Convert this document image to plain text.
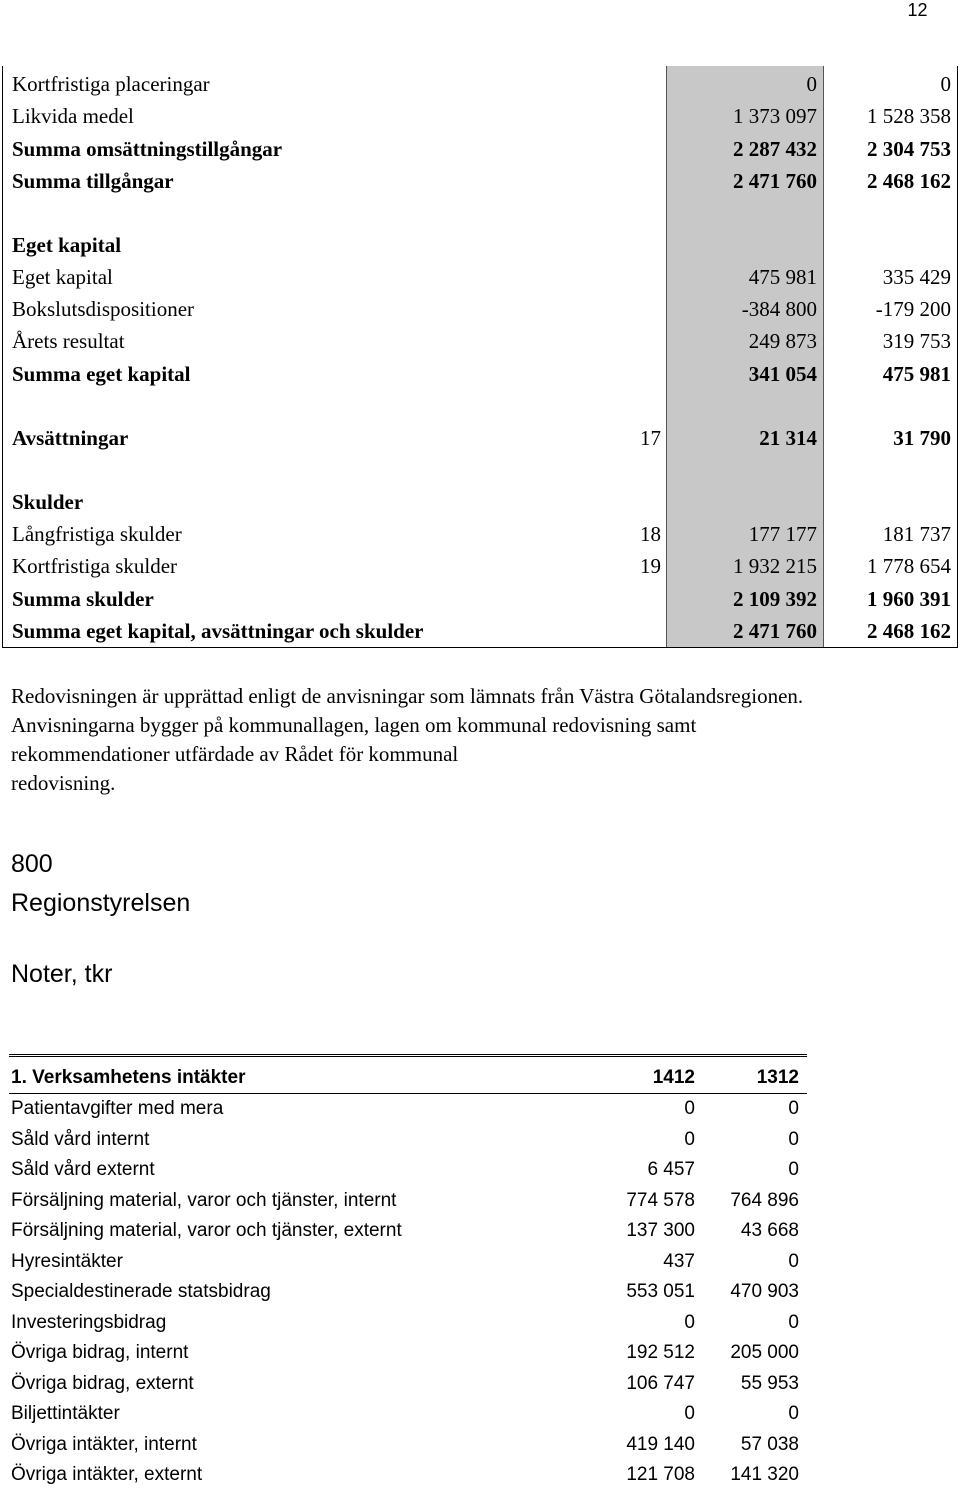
12
Kortfristiga placeringar	0	0
Likvida medel	1 373 097	1 528 358
Summa omsättningstillgångar	2 287 432	2 304 753
Summa tillgångar	2 471 760	2 468 162
Eget kapital
Eget kapital	475 981	335 429
Bokslutsdispositioner	-384 800	-179 200
Årets resultat	249 873	319 753
Summa eget kapital	341 054	475 981
Avsättningar	17	21 314	31 790
Skulder
Långfristiga skulder	18	177 177	181 737
Kortfristiga skulder	19	1 932 215	1 778 654
Summa skulder	2 109 392	1 960 391
Summa eget kapital, avsättningar och skulder	2 471 760	2 468 162
Redovisningen är upprättad enligt de anvisningar som lämnats från Västra Götalandsregionen.
Anvisningarna bygger på kommunallagen, lagen om kommunal redovisning samt
rekommendationer utfärdade av Rådet för kommunal
redovisning.
800
Regionstyrelsen
Noter, tkr
1. Verksamhetens intäkter	1412	1312
Patientavgifter med mera	0	0
Såld vård internt	0	0
Såld vård externt	6 457	0
Försäljning material, varor och tjänster, internt	774 578	764 896
Försäljning material, varor och tjänster, externt	137 300	43 668
Hyresintäkter	437	0
Specialdestinerade statsbidrag	553 051	470 903
Investeringsbidrag	0	0
Övriga bidrag, internt	192 512	205 000
Övriga bidrag, externt	106 747	55 953
Biljettintäkter	0	0
Övriga intäkter, internt	419 140	57 038
Övriga intäkter, externt	121 708	141 320
